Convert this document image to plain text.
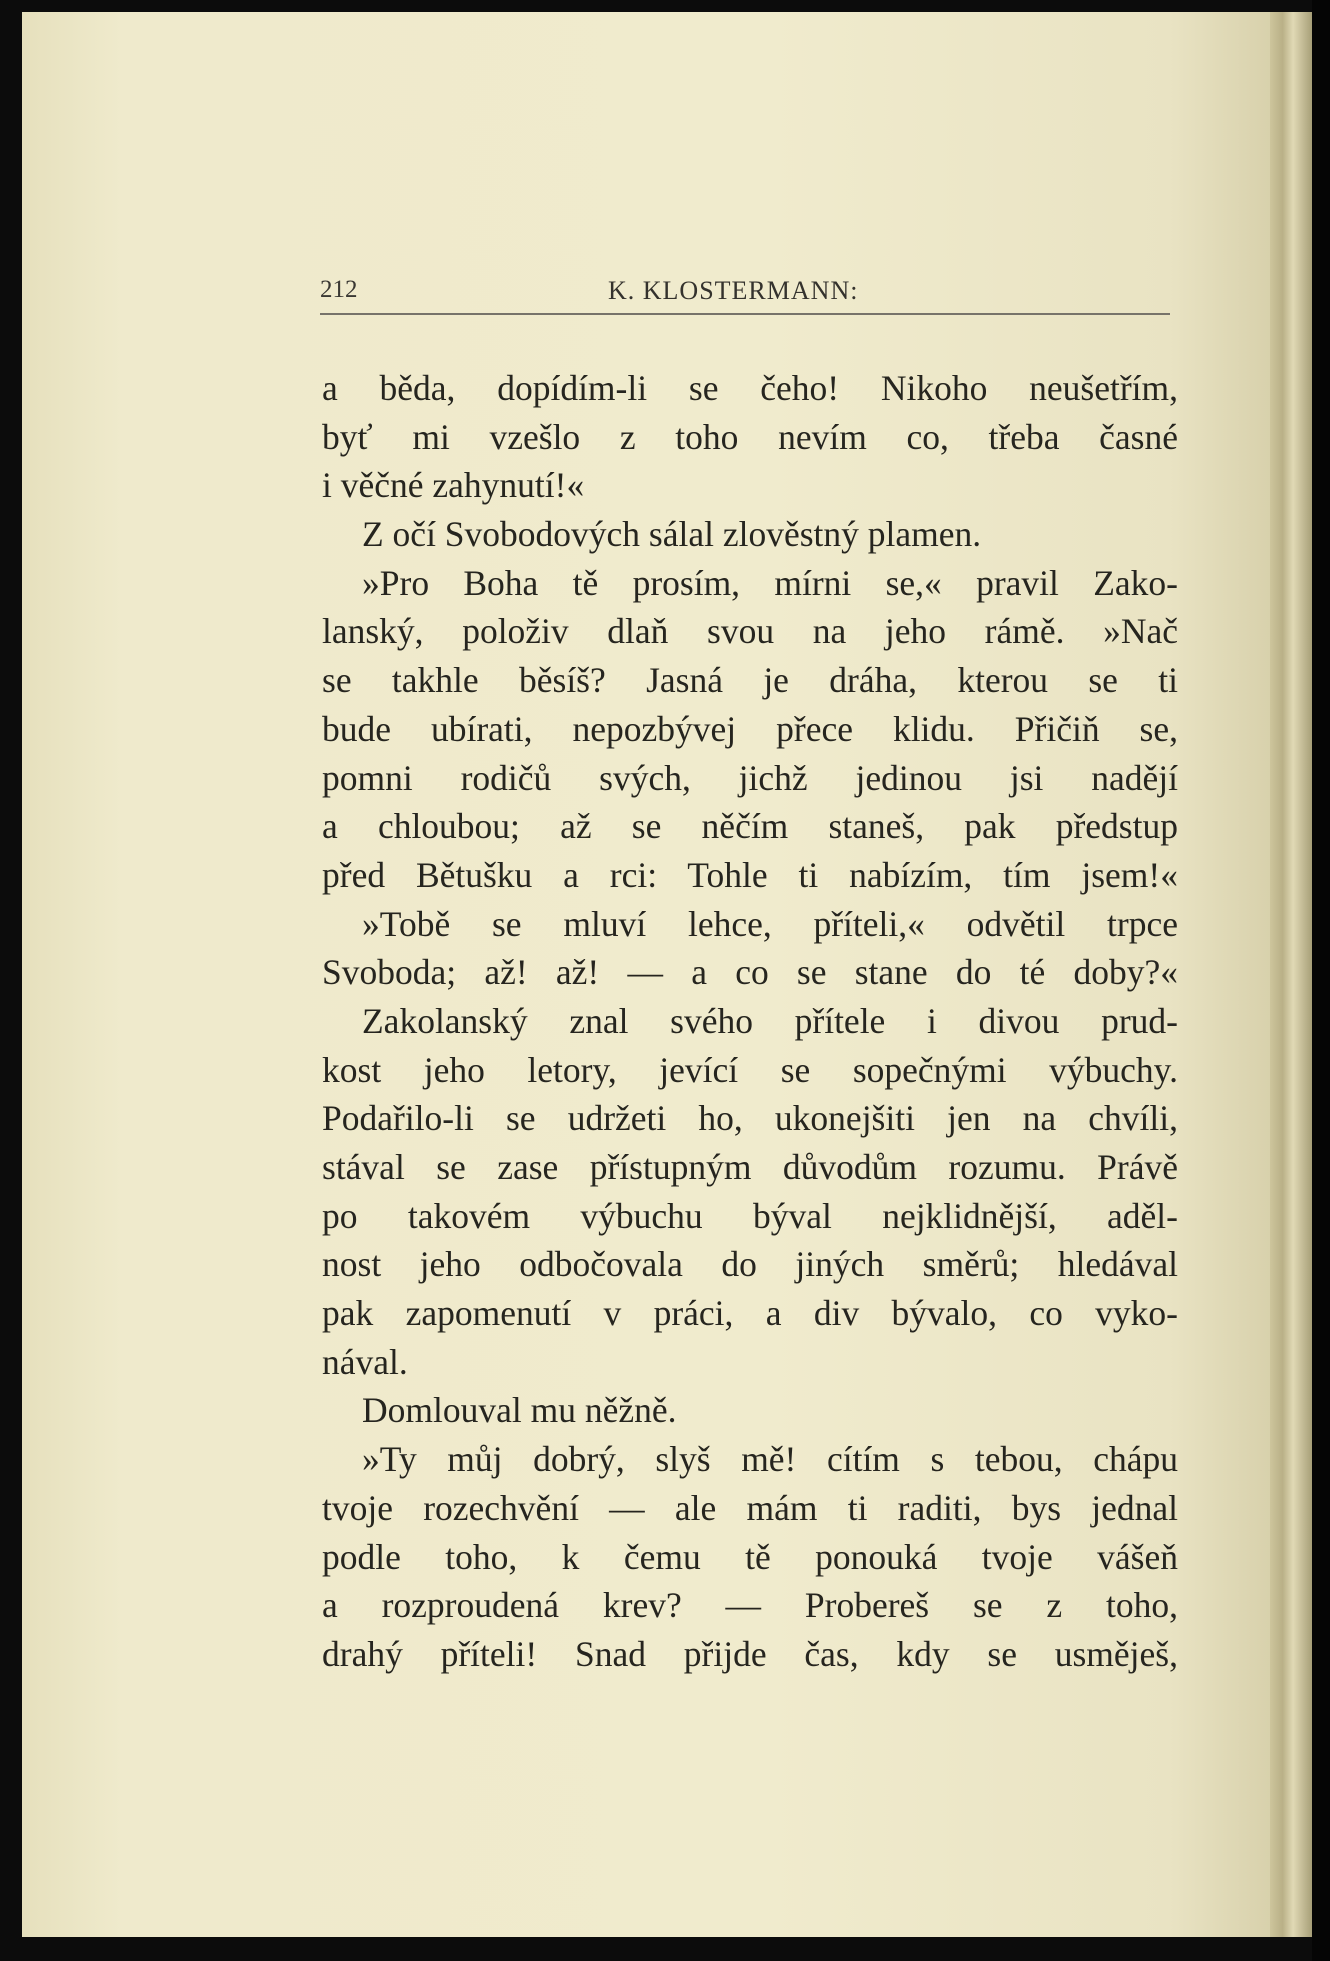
212	K. KLOSTERMANN:
a běda, dopídím-li se čeho! Nikoho neušetřím,
byť mi vzešlo z toho nevím co, třeba časné
i věčné zahynutí!«
Z očí Svobodových sálal zlověstný plamen.
»Pro Boha tě prosím, mírni se,« pravil Zako-
lanský, položiv dlaň svou na jeho rámě. »Nač
se takhle běsíš? Jasná je dráha, kterou se ti
bude ubírati, nepozbývej přece klidu. Přičiň se,
pomni rodičů svých, jichž jedinou jsi nadějí
a chloubou; až se něčím staneš, pak předstup
před Bětušku a rci: Tohle ti nabízím, tím jsem!«
»Tobě se mluví lehce, příteli,« odvětil trpce
Svoboda; až! až! — a co se stane do té doby?«
Zakolanský znal svého přítele i divou prud-
kost jeho letory, jevící se sopečnými výbuchy.
Podařilo-li se udržeti ho, ukonejšiti jen na chvíli,
stával se zase přístupným důvodům rozumu. Právě
po takovém výbuchu býval nejklidnější, aděl-
nost jeho odbočovala do jiných směrů; hledával
pak zapomenutí v práci, a div bývalo, co vyko-
nával.
Domlouval mu něžně.
»Ty můj dobrý, slyš mě! cítím s tebou, chápu
tvoje rozechvění — ale mám ti raditi, bys jednal
podle toho, k čemu tě ponouká tvoje vášeň
a rozproudená krev? — Probereš se z toho,
drahý příteli! Snad přijde čas, kdy se usměješ,
